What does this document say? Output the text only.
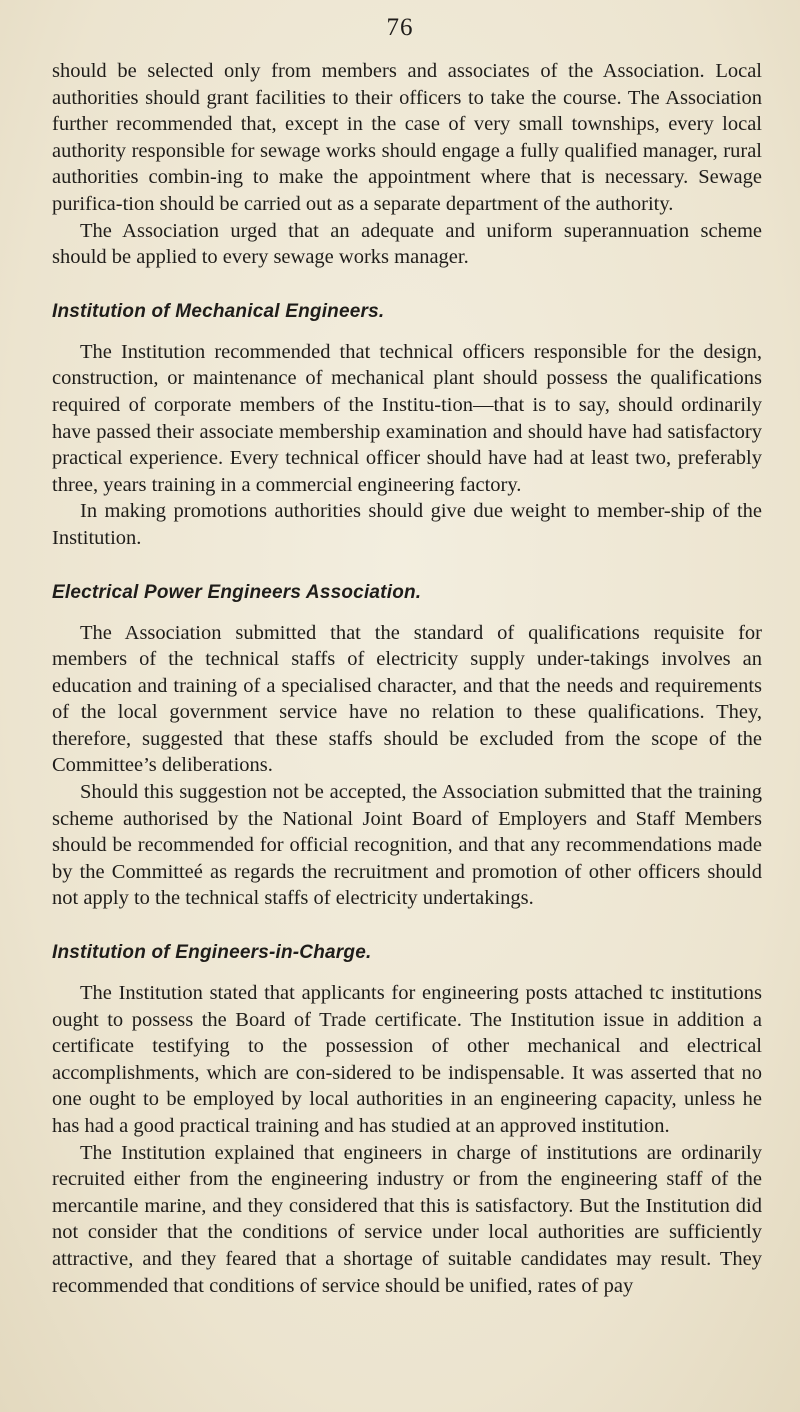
76

should be selected only from members and associates of the Association. Local authorities should grant facilities to their officers to take the course. The Association further recommended that, except in the case of very small townships, every local authority responsible for sewage works should engage a fully qualified manager, rural authorities combin-ing to make the appointment where that is necessary. Sewage purifica-tion should be carried out as a separate department of the authority.

The Association urged that an adequate and uniform superannuation scheme should be applied to every sewage works manager.

Institution of Mechanical Engineers.

The Institution recommended that technical officers responsible for the design, construction, or maintenance of mechanical plant should possess the qualifications required of corporate members of the Institu-tion—that is to say, should ordinarily have passed their associate membership examination and should have had satisfactory practical experience. Every technical officer should have had at least two, preferably three, years training in a commercial engineering factory.

In making promotions authorities should give due weight to member-ship of the Institution.

Electrical Power Engineers Association.

The Association submitted that the standard of qualifications requisite for members of the technical staffs of electricity supply under-takings involves an education and training of a specialised character, and that the needs and requirements of the local government service have no relation to these qualifications. They, therefore, suggested that these staffs should be excluded from the scope of the Committee’s deliberations.

Should this suggestion not be accepted, the Association submitted that the training scheme authorised by the National Joint Board of Employers and Staff Members should be recommended for official recognition, and that any recommendations made by the Committeé as regards the recruitment and promotion of other officers should not apply to the technical staffs of electricity undertakings.

Institution of Engineers-in-Charge.

The Institution stated that applicants for engineering posts attached tc institutions ought to possess the Board of Trade certificate. The Institution issue in addition a certificate testifying to the possession of other mechanical and electrical accomplishments, which are con-sidered to be indispensable. It was asserted that no one ought to be employed by local authorities in an engineering capacity, unless he has had a good practical training and has studied at an approved institution.

The Institution explained that engineers in charge of institutions are ordinarily recruited either from the engineering industry or from the engineering staff of the mercantile marine, and they considered that this is satisfactory. But the Institution did not consider that the conditions of service under local authorities are sufficiently attractive, and they feared that a shortage of suitable candidates may result. They recommended that conditions of service should be unified, rates of pay
